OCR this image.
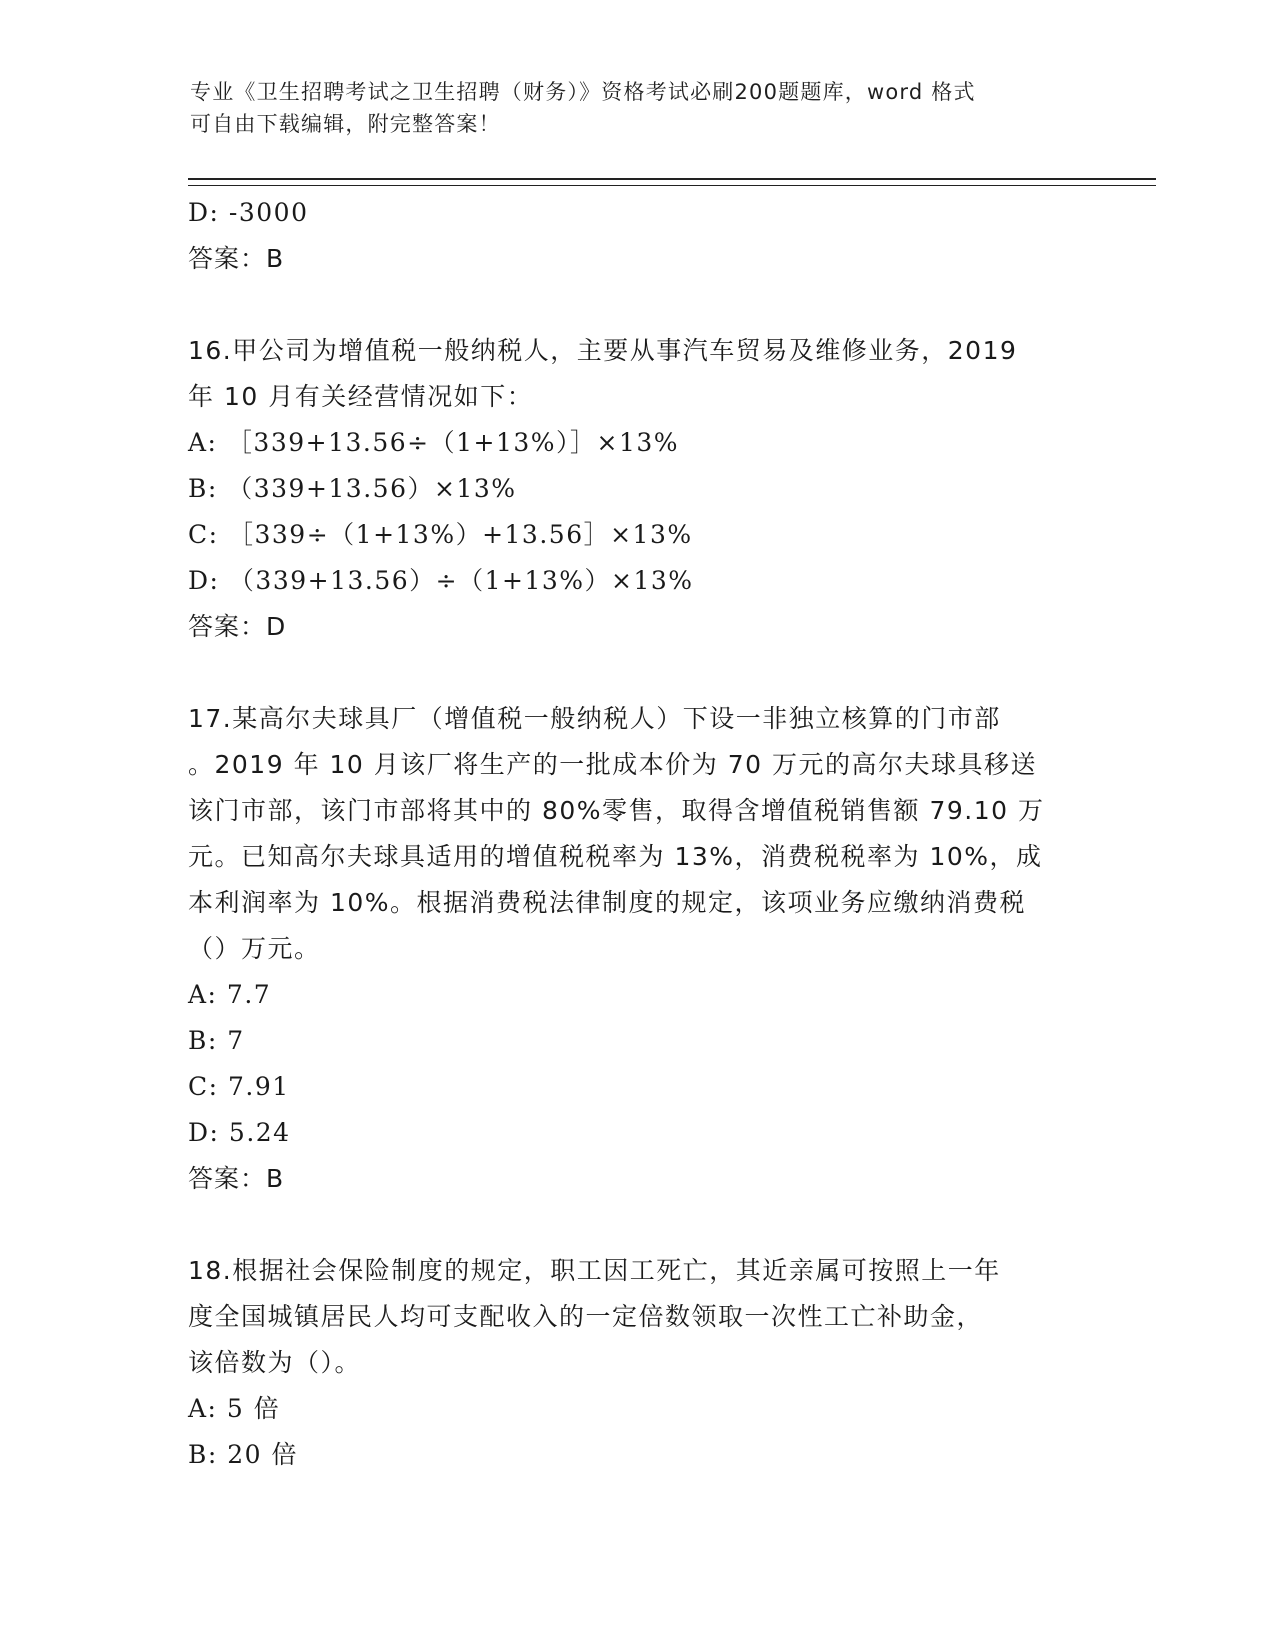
专业《卫生招聘考试之卫生招聘（财务）》资格考试必刷200题题库，word 格式
可自由下载编辑，附完整答案！
D: -3000
答案：B
16.甲公司为增值税一般纳税人，主要从事汽车贸易及维修业务，2019
年 10 月有关经营情况如下：
A: ［339+13.56÷（1+13%）］×13%
B: （339+13.56）×13%
C: ［339÷（1+13%）+13.56］×13%
D: （339+13.56）÷（1+13%）×13%
答案：D
17.某高尔夫球具厂（增值税一般纳税人）下设一非独立核算的门市部
。2019 年 10 月该厂将生产的一批成本价为 70 万元的高尔夫球具移送
该门市部，该门市部将其中的 80%零售，取得含增值税销售额 79.10 万
元。已知高尔夫球具适用的增值税税率为 13%，消费税税率为 10%，成
本利润率为 10%。根据消费税法律制度的规定，该项业务应缴纳消费税
（）万元。
A: 7.7
B: 7
C: 7.91
D: 5.24
答案：B
18.根据社会保险制度的规定，职工因工死亡，其近亲属可按照上一年
度全国城镇居民人均可支配收入的一定倍数领取一次性工亡补助金，
该倍数为（）。
A: 5 倍
B: 20 倍
